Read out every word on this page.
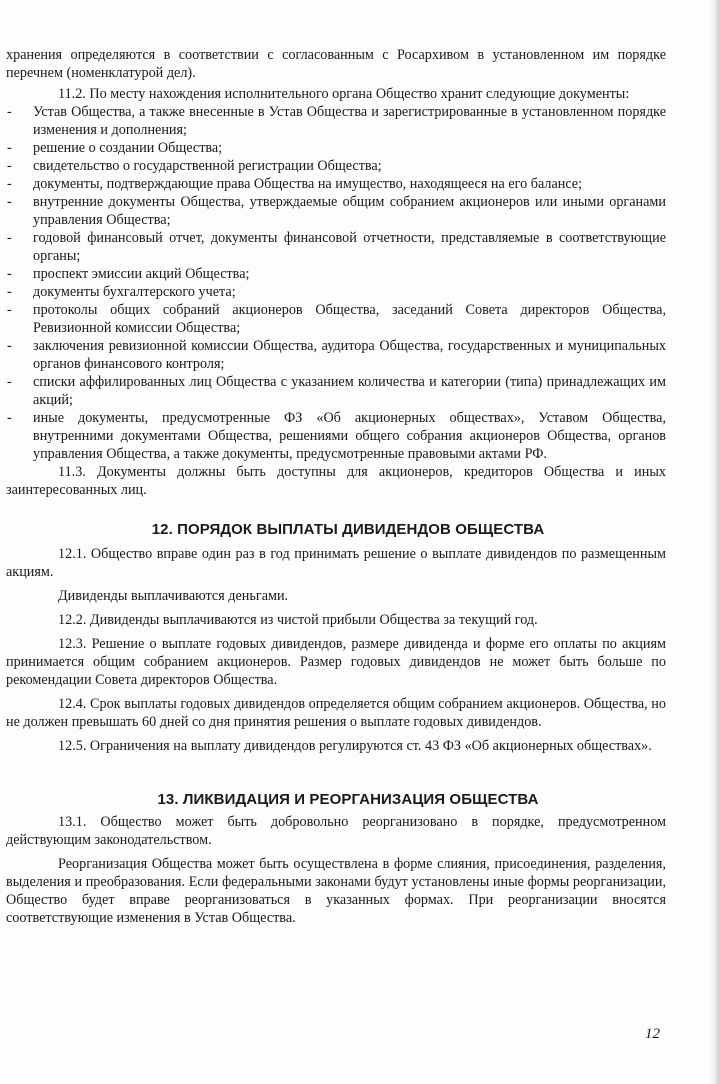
хранения определяются в соответствии с согласованным с Росархивом в установленном им порядке перечнем (номенклатурой дел).

11.2. По месту нахождения исполнительного органа Общество хранит следующие документы:

- Устав Общества, а также внесенные в Устав Общества и зарегистрированные в установленном порядке изменения и дополнения;
- решение о создании Общества;
- свидетельство о государственной регистрации Общества;
- документы, подтверждающие права Общества на имущество, находящееся на его балансе;
- внутренние документы Общества, утверждаемые общим собранием акционеров или иными органами управления Общества;
- годовой финансовый отчет, документы финансовой отчетности, представляемые в соответствующие органы;
- проспект эмиссии акций Общества;
- документы бухгалтерского учета;
- протоколы общих собраний акционеров Общества, заседаний Совета директоров Общества, Ревизионной комиссии Общества;
- заключения ревизионной комиссии Общества, аудитора Общества, государственных и муниципальных органов финансового контроля;
- списки аффилированных лиц Общества с указанием количества и категории (типа) принадлежащих им акций;
- иные документы, предусмотренные ФЗ «Об акционерных обществах», Уставом Общества, внутренними документами Общества, решениями общего собрания акционеров Общества, органов управления Общества, а также документы, предусмотренные правовыми актами РФ.

11.3. Документы должны быть доступны для акционеров, кредиторов Общества и иных заинтересованных лиц.

12. ПОРЯДОК ВЫПЛАТЫ ДИВИДЕНДОВ ОБЩЕСТВА

12.1. Общество вправе один раз в год принимать решение о выплате дивидендов по размещенным акциям.

Дивиденды выплачиваются деньгами.

12.2. Дивиденды выплачиваются из чистой прибыли Общества за текущий год.

12.3. Решение о выплате годовых дивидендов, размере дивиденда и форме его оплаты по акциям принимается общим собранием акционеров. Размер годовых дивидендов не может быть больше по рекомендации Совета директоров Общества.

12.4. Срок выплаты годовых дивидендов определяется общим собранием акционеров. Общества, но не должен превышать 60 дней со дня принятия решения о выплате годовых дивидендов.

12.5. Ограничения на выплату дивидендов регулируются ст. 43 ФЗ «Об акционерных обществах».

13. ЛИКВИДАЦИЯ И РЕОРГАНИЗАЦИЯ ОБЩЕСТВА

13.1. Общество может быть добровольно реорганизовано в порядке, предусмотренном действующим законодательством.

Реорганизация Общества может быть осуществлена в форме слияния, присоединения, разделения, выделения и преобразования. Если федеральными законами будут установлены иные формы реорганизации, Общество будет вправе реорганизоваться в указанных формах. При реорганизации вносятся соответствующие изменения в Устав Общества.

12
